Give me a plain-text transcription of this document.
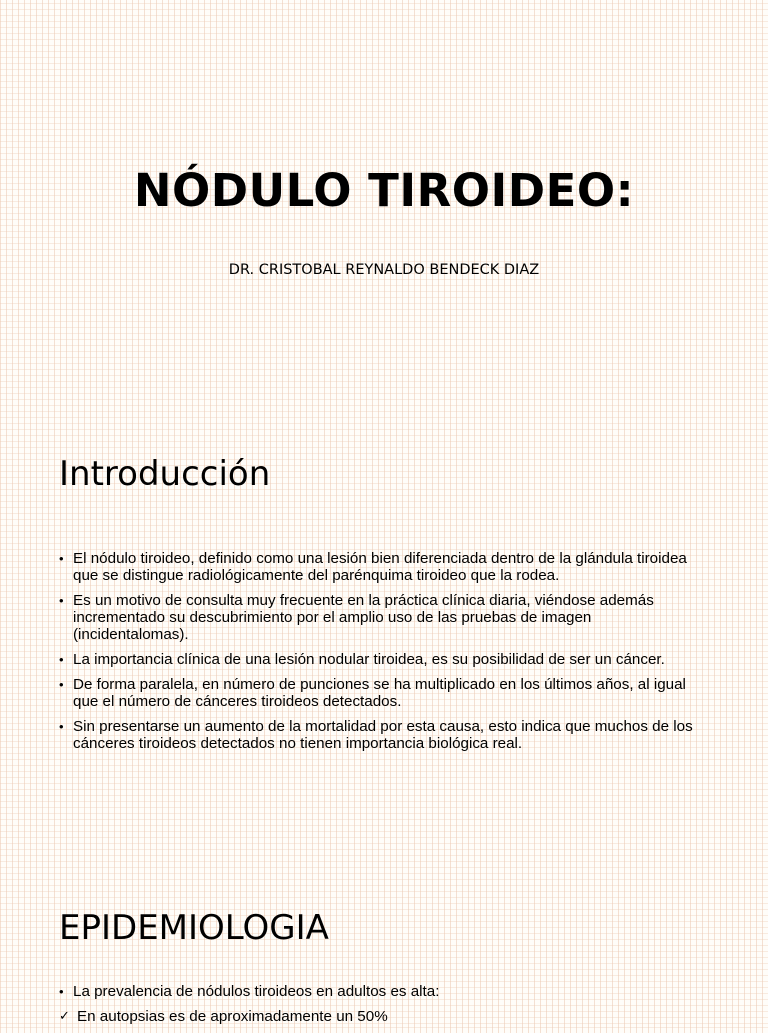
NÓDULO TIROIDEO:

DR. CRISTOBAL REYNALDO BENDECK DIAZ

Introducción
• El nódulo tiroideo, definido como una lesión bien diferenciada dentro de la glándula tiroidea que se distingue radiológicamente del parénquima tiroideo que la rodea.
• Es un motivo de consulta muy frecuente en la práctica clínica diaria, viéndose además incrementado su descubrimiento por el amplio uso de las pruebas de imagen (incidentalomas).
• La importancia clínica de una lesión nodular tiroidea, es su posibilidad de ser un cáncer.
• De forma paralela, en número de punciones se ha multiplicado en los últimos años, al igual que el número de cánceres tiroideos detectados.
• Sin presentarse un aumento de la mortalidad por esta causa, esto indica que muchos de los cánceres tiroideos detectados no tienen importancia biológica real.
EPIDEMIOLOGIA
• La prevalencia de nódulos tiroideos en adultos es alta:
✓ En autopsias es de aproximadamente un 50%
